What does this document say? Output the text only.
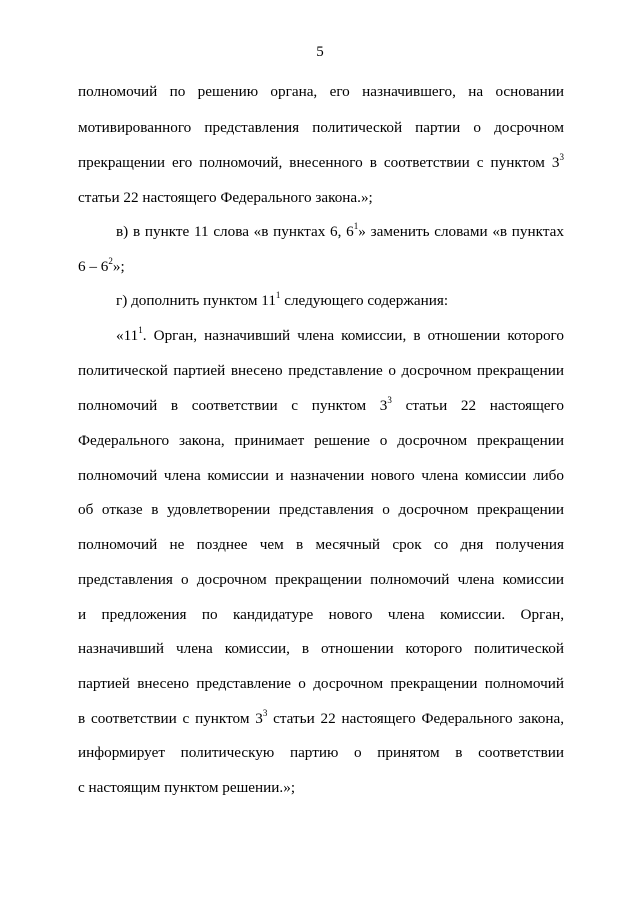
5
полномочий по решению органа, его назначившего, на основании
мотивированного представления политической партии о досрочном
прекращении его полномочий, внесенного в соответствии с пунктом $3^3$
статьи 22 настоящего Федерального закона.»;
в) в пункте 11 слова «в пунктах 6, $6^1$» заменить словами «в пунктах
$6 - 6^2$»;
г) дополнить пунктом $11^1$ следующего содержания:
«$11^1$. Орган, назначивший члена комиссии, в отношении которого
политической партией внесено представление о досрочном прекращении
полномочий в соответствии с пунктом $3^3$ статьи 22 настоящего
Федерального закона, принимает решение о досрочном прекращении
полномочий члена комиссии и назначении нового члена комиссии либо
об отказе в удовлетворении представления о досрочном прекращении
полномочий не позднее чем в месячный срок со дня получения
представления о досрочном прекращении полномочий члена комиссии
и предложения по кандидатуре нового члена комиссии. Орган,
назначивший члена комиссии, в отношении которого политической
партией внесено представление о досрочном прекращении полномочий
в соответствии с пунктом $3^3$ статьи 22 настоящего Федерального закона,
информирует политическую партию о принятом в соответствии
с настоящим пунктом решении.»;
